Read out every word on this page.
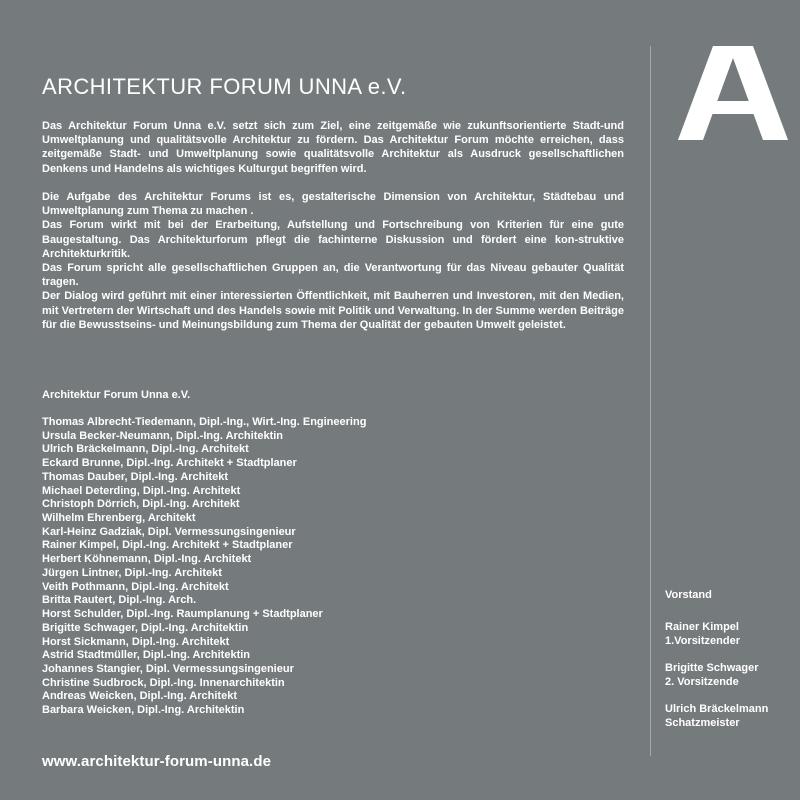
ARCHITEKTUR FORUM UNNA e.V.

Das Architektur Forum Unna e.V. setzt sich zum Ziel, eine zeitgemäße wie zukunftsorientierte Stadt-und Umweltplanung und qualitätsvolle Architektur zu fördern. Das Architektur Forum möchte erreichen, dass zeitgemäße Stadt- und Umweltplanung sowie qualitätsvolle Architektur als Ausdruck gesellschaftlichen Denkens und Handelns als wichtiges Kulturgut begriffen wird.

Die Aufgabe des Architektur Forums ist es, gestalterische Dimension von Architektur, Städtebau und Umweltplanung zum Thema zu machen .

Das Forum wirkt mit bei der Erarbeitung, Aufstellung und Fortschreibung von Kriterien für eine gute Baugestaltung. Das Architekturforum pflegt die fachinterne Diskussion und fördert eine kon-struktive Architekturkritik.

Das Forum spricht alle gesellschaftlichen Gruppen an, die Verantwortung für das Niveau gebauter Qualität tragen.

Der Dialog wird geführt mit einer interessierten Öffentlichkeit, mit Bauherren und Investoren, mit den Medien, mit Vertretern der Wirtschaft und des Handels sowie mit Politik und Verwaltung. In der Summe werden Beiträge für die Bewusstseins- und Meinungsbildung zum Thema der Qualität der gebauten Umwelt geleistet.

Architektur Forum Unna e.V.
Thomas Albrecht-Tiedemann, Dipl.-Ing., Wirt.-Ing. Engineering
Ursula Becker-Neumann, Dipl.-Ing. Architektin
Ulrich Bräckelmann, Dipl.-Ing. Architekt
Eckard Brunne, Dipl.-Ing. Architekt + Stadtplaner
Thomas Dauber, Dipl.-Ing. Architekt
Michael Deterding, Dipl.-Ing. Architekt
Christoph Dörrich, Dipl.-Ing. Architekt
Wilhelm Ehrenberg, Architekt
Karl-Heinz Gadziak, Dipl. Vermessungsingenieur
Rainer Kimpel, Dipl.-Ing. Architekt + Stadtplaner
Herbert Köhnemann, Dipl.-Ing. Architekt
Jürgen Lintner, Dipl.-Ing. Architekt
Veith Pothmann, Dipl.-Ing. Architekt
Britta Rautert, Dipl.-Ing. Arch.
Horst Schulder, Dipl.-Ing. Raumplanung + Stadtplaner
Brigitte Schwager, Dipl.-Ing. Architektin
Horst Sickmann, Dipl.-Ing. Architekt
Astrid Stadtmüller, Dipl.-Ing. Architektin
Johannes Stangier, Dipl. Vermessungsingenieur
Christine Sudbrock, Dipl.-Ing. Innenarchitektin
Andreas Weicken, Dipl.-Ing. Architekt
Barbara Weicken, Dipl.-Ing. Architektin
Vorstand
Rainer Kimpel
1.Vorsitzender
Brigitte Schwager
2. Vorsitzende
Ulrich Bräckelmann
Schatzmeister
www.architektur-forum-unna.de
